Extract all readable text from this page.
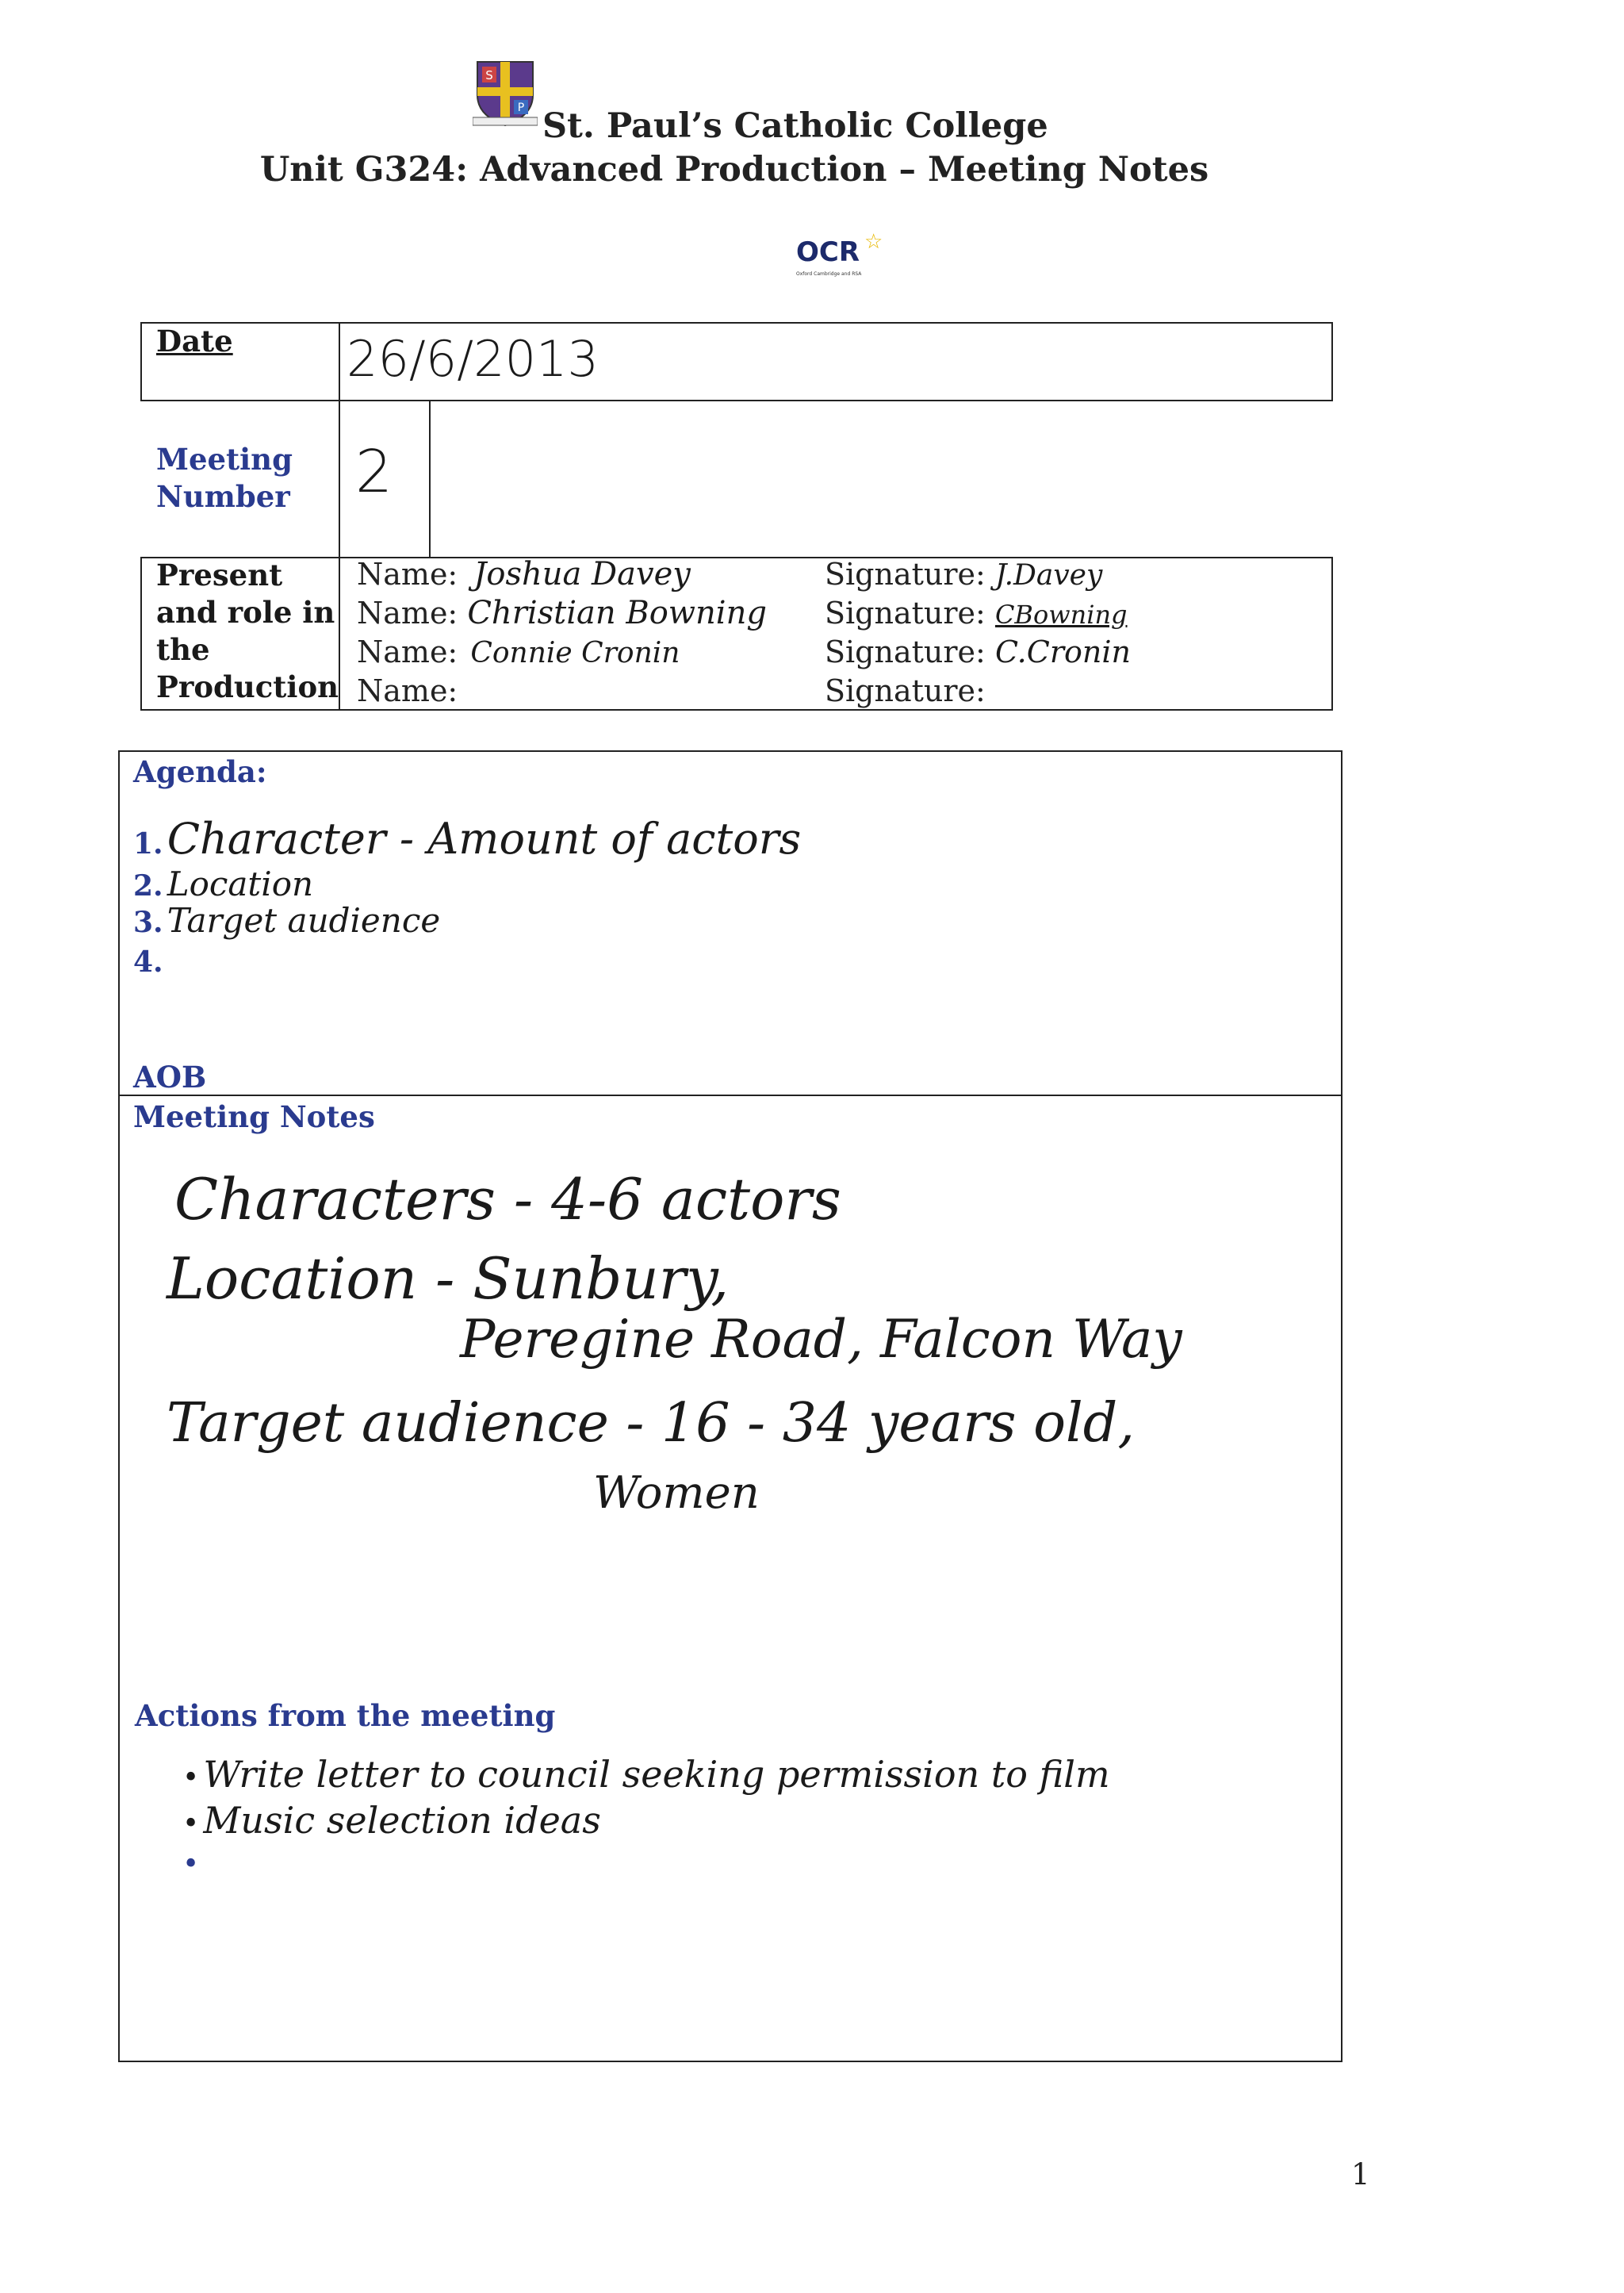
S
P St. Paul’s Catholic College
Unit G324: Advanced Production – Meeting Notes
OCR ☆
Oxford Cambridge and RSA
Date 26/6/2013
Meeting
Number 2
Present
and role in
the
Production
Name: Joshua Davey	Signature: J.Davey
Name: Christian Bowning Signature: CBowning
Name: Connie Cronin	Signature: C.Cronin
Name:	Signature:
Agenda:
1. Character - Amount of actors
2. Location
3. Target audience
4.
AOB
Meeting Notes
Characters - 4-6 actors
Location - Sunbury,
Peregine Road, Falcon Way
Target audience - 16 - 34 years old,
Women
Actions from the meeting
• Write letter to council seeking permission to film
• Music selection ideas
•
1
